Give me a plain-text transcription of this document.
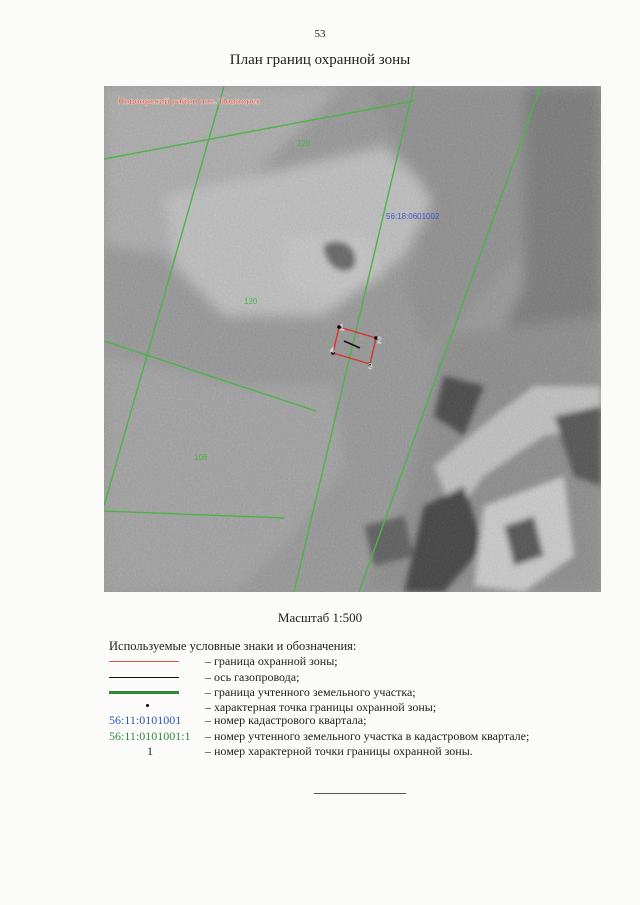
53
План границ охранной зоны
Новоорский район пос. Новоорск
56:18:0601002
120
120
106
1
2
3
4
Масштаб 1:500
Используемые условные знаки и обозначения:
– граница охранной зоны;
– ось газопровода;
– граница учтенного земельного участка;
– характерная точка границы охранной зоны;
56:11:0101001 – номер кадастрового квартала;
56:11:0101001:1 – номер учтенного земельного участка в кадастровом квартале;
1	– номер характерной точки границы охранной зоны.
